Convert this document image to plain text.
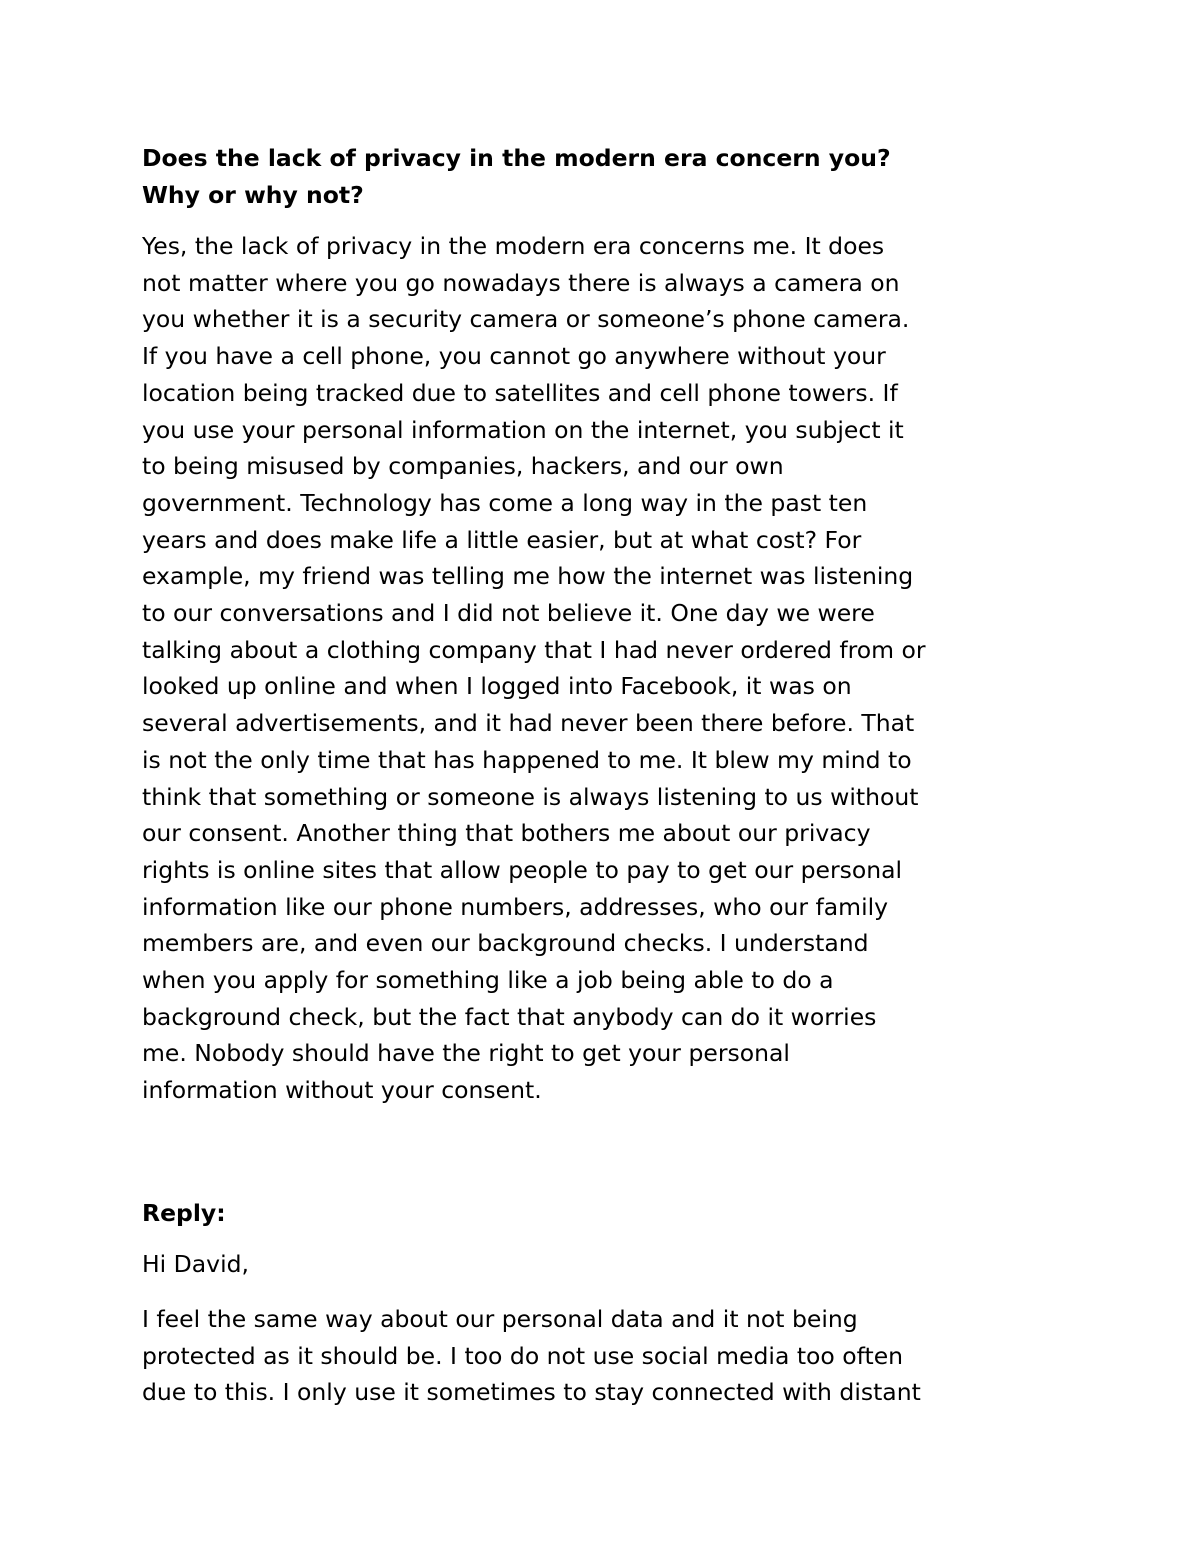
Does the lack of privacy in the modern era concern you?
Why or why not?
Yes, the lack of privacy in the modern era concerns me. It does
not matter where you go nowadays there is always a camera on
you whether it is a security camera or someone’s phone camera.
If you have a cell phone, you cannot go anywhere without your
location being tracked due to satellites and cell phone towers. If
you use your personal information on the internet, you subject it
to being misused by companies, hackers, and our own
government. Technology has come a long way in the past ten
years and does make life a little easier, but at what cost? For
example, my friend was telling me how the internet was listening
to our conversations and I did not believe it. One day we were
talking about a clothing company that I had never ordered from or
looked up online and when I logged into Facebook, it was on
several advertisements, and it had never been there before. That
is not the only time that has happened to me. It blew my mind to
think that something or someone is always listening to us without
our consent. Another thing that bothers me about our privacy
rights is online sites that allow people to pay to get our personal
information like our phone numbers, addresses, who our family
members are, and even our background checks. I understand
when you apply for something like a job being able to do a
background check, but the fact that anybody can do it worries
me. Nobody should have the right to get your personal
information without your consent.
Reply:
Hi David,
I feel the same way about our personal data and it not being
protected as it should be. I too do not use social media too often
due to this. I only use it sometimes to stay connected with distant
